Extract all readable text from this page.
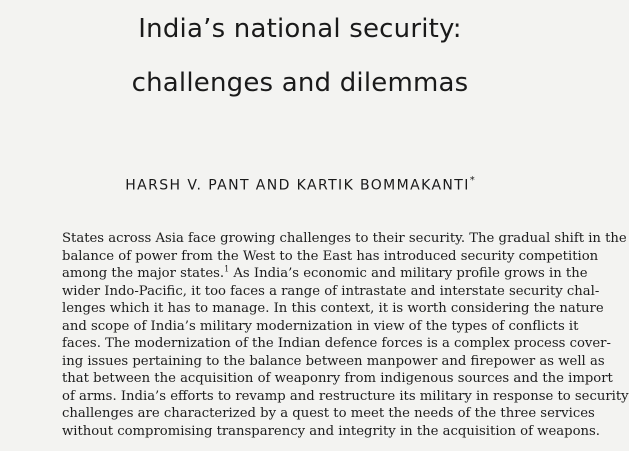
India’s national security:
challenges and dilemmas
HARSH V. PANT AND KARTIK BOMMAKANTI*
States across Asia face growing challenges to their security. The gradual shift in the
balance of power from the West to the East has introduced security competition
among the major states.$^1$ As India’s economic and military profile grows in the
wider Indo-Pacific, it too faces a range of intrastate and interstate security chal-
lenges which it has to manage. In this context, it is worth considering the nature
and scope of India’s military modernization in view of the types of conflicts it
faces. The modernization of the Indian defence forces is a complex process cover-
ing issues pertaining to the balance between manpower and firepower as well as
that between the acquisition of weaponry from indigenous sources and the import
of arms. India’s efforts to revamp and restructure its military in response to security
challenges are characterized by a quest to meet the needs of the three services
without compromising transparency and integrity in the acquisition of weapons.
